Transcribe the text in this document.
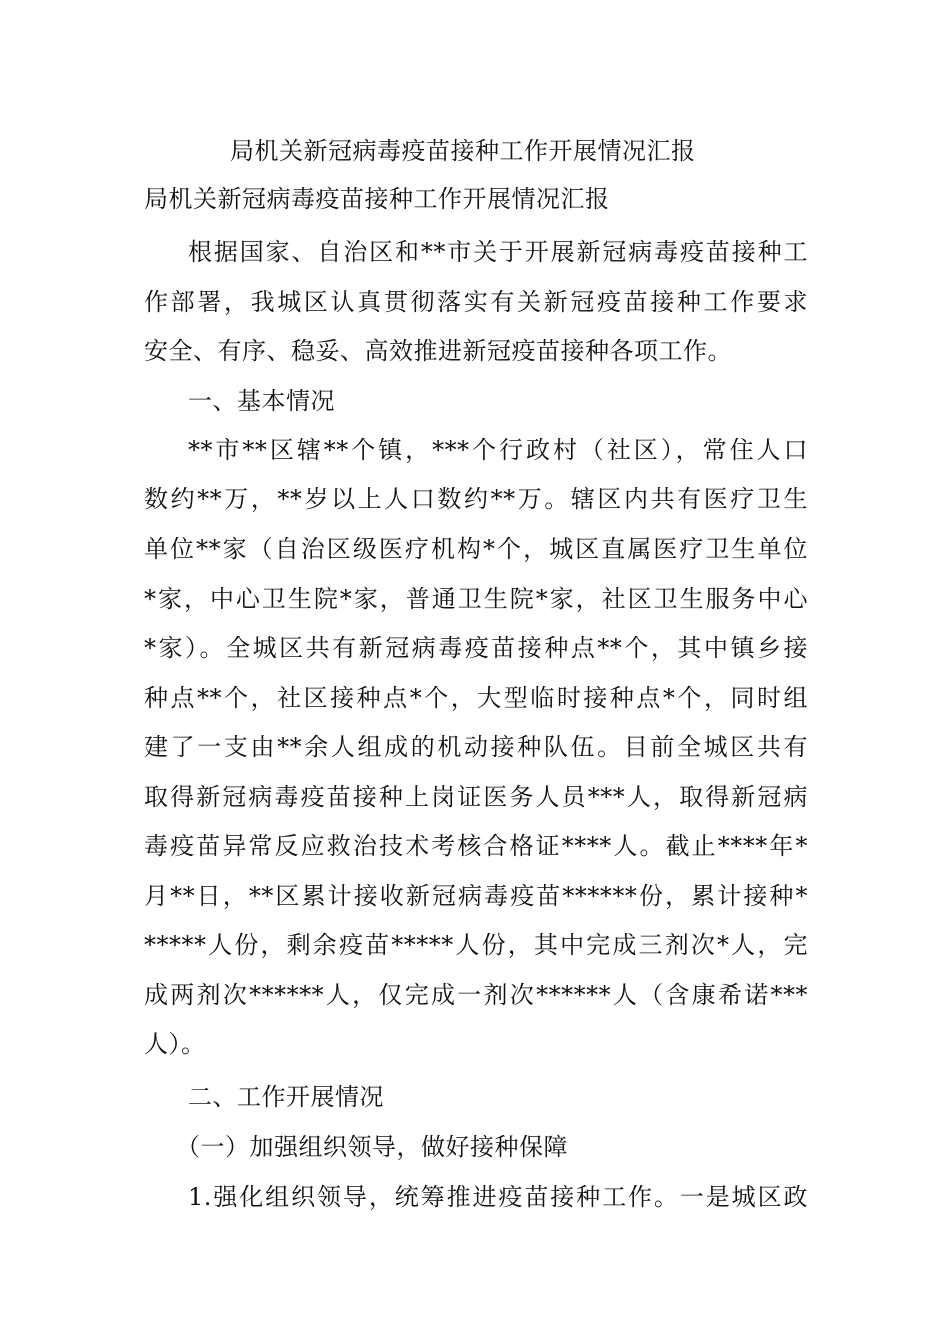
局机关新冠病毒疫苗接种工作开展情况汇报
局机关新冠病毒疫苗接种工作开展情况汇报
根据国家、自治区和**市关于开展新冠病毒疫苗接种工
作部署，我城区认真贯彻落实有关新冠疫苗接种工作要求
安全、有序、稳妥、高效推进新冠疫苗接种各项工作。
一、基本情况
**市**区辖**个镇，***个行政村（社区），常住人口
数约**万，**岁以上人口数约**万。辖区内共有医疗卫生
单位**家（自治区级医疗机构*个，城区直属医疗卫生单位
*家，中心卫生院*家，普通卫生院*家，社区卫生服务中心
*家）。全城区共有新冠病毒疫苗接种点**个，其中镇乡接
种点**个，社区接种点*个，大型临时接种点*个，同时组
建了一支由**余人组成的机动接种队伍。目前全城区共有
取得新冠病毒疫苗接种上岗证医务人员***人，取得新冠病
毒疫苗异常反应救治技术考核合格证****人。截止****年*
月**日，**区累计接收新冠病毒疫苗******份，累计接种*
*****人份，剩余疫苗*****人份，其中完成三剂次*人，完
成两剂次******人，仅完成一剂次******人（含康希诺***
人）。
二、工作开展情况
（一）加强组织领导，做好接种保障
1.强化组织领导，统筹推进疫苗接种工作。一是城区政
